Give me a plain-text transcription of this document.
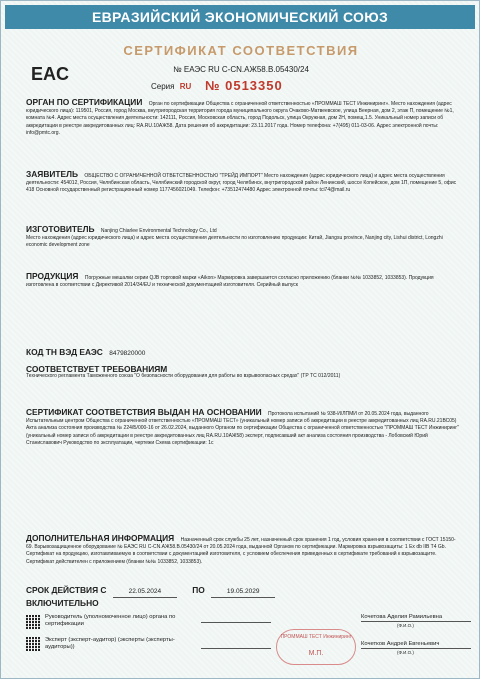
ЕВРАЗИЙСКИЙ ЭКОНОМИЧЕСКИЙ СОЮЗ
EAC
СЕРТИФИКАТ СООТВЕТСТВИЯ
№ ЕАЭС RU C-CN.АЖ58.В.05430/24
Серия RU № 0513350
ОРГАН ПО СЕРТИФИКАЦИИ Орган по сертификации Общества с ограниченной ответственностью «ПРОММАШ ТЕСТ Инжиниринг». Место нахождения (адрес юридического лица): 119501, Россия, город Москва, внутригородская территория города муниципального округа Очаково-Матвеевское, улица Веерная, дом 2, этаж П, помещение №1, комната №4. Адрес места осуществления деятельности: 142111, Россия, Московская область, город Подольск, улица Окружная, дом 2Н, помещ.1.5. Уникальный номер записи об аккредитации в реестре аккредитованных лиц: RA.RU.10АЖ58. Дата решения об аккредитации: 23.11.2017 года. Номер телефона: +7(495) 011-03-06. Адрес электронной почты: info@pmtc.org.
ЗАЯВИТЕЛЬ ОБЩЕСТВО С ОГРАНИЧЕННОЙ ОТВЕТСТВЕННОСТЬЮ "ТРЕЙД ИМПОРТ" Место нахождения (адрес юридического лица) и адрес места осуществления деятельности: 454012, Россия, Челябинская область, Челябинский городской округ, город Челябинск, внутригородской район Ленинский, шоссе Копейское, дом 1П, помещение 5, офис 418 Основной государственный регистрационный номер 1177456021049. Телефон: +73512474480 Адрес электронной почты: tci74@mail.ru
ИЗГОТОВИТЕЛЬ Nanjing Chiarlee Environmental Technology Co., Ltd
Место нахождения (адрес юридического лица) и адрес места осуществления деятельности по изготовлению продукции: Китай, Jiangsu province, Nanjing city, Lishui district, Longzhi economic development zone
ПРОДУКЦИЯ Погружные мешалки серии QJB торговой марки «Aikon» Маркировка завершается согласно приложению (бланки №№ 1033852, 1033853). Продукция изготовлена в соответствии с Директивой 2014/34/EU и технической документацией изготовителя. Серийный выпуск
КОД ТН ВЭД ЕАЭС 8479820000
СООТВЕТСТВУЕТ ТРЕБОВАНИЯМ
Технического регламента Таможенного союза "О безопасности оборудования для работы во взрывоопасных средах" (ТР ТС 012/2011)
СЕРТИФИКАТ СООТВЕТСТВИЯ ВЫДАН НА ОСНОВАНИИ Протокола испытаний № 938-И/ЛПМИ от 20.05.2024 года, выданного Испытательным центром Общества с ограниченной ответственностью «ПРОММАШ ТЕСТ» (уникальный номер записи об аккредитации в реестре аккредитованных лиц RA.RU.21ВС05) Акта анализа состояния производства № 224/Б/000-16 от 26.02.2024, выданного Органом по сертификации Общества с ограниченной ответственностью "ПРОММАШ ТЕСТ Инжиниринг" (уникальный номер записи об аккредитации в реестре аккредитованных лиц RA.RU.10АЖ58) эксперт, подписавший акт анализа состояния производства - Лобовский Юрий Станиславович Руководство по эксплуатации, чертежи Схема сертификации: 1с
ДОПОЛНИТЕЛЬНАЯ ИНФОРМАЦИЯ Назначенный срок службы 25 лет, назначенный срок хранения 1 год, условия хранения в соответствии с ГОСТ 15150-69. Взрывозащищенное оборудование № ЕАЭС RU С-CN.АЖ58.В.05430/24 от 20.05.2024 года, выданной Органом по сертификации. Маркировка взрывозащиты: 1 Ex db IIB T4 Gb. Сертификат на продукцию, изготавливаемую в соответствии с документацией изготовителя, с условием обеспечения приведенных в сертификате требований к взрывозащите. Сертификат действителен с приложением (бланки №№ 1033852, 1033853).
СРОК ДЕЙСТВИЯ С	22.05.2024	ПО	19.05.2029
ВКЛЮЧИТЕЛЬНО
Руководитель (уполномоченное лицо) органа по сертификации
Кочетова Аделия Рамильевна
(Ф.И.О.)
Эксперт (эксперт-аудитор) (эксперты (эксперты-аудиторы))	Кочетков Андрей Евгеньевич
(Ф.И.О.)
ПРОММАШ ТЕСТ Инжиниринг
М.П.
